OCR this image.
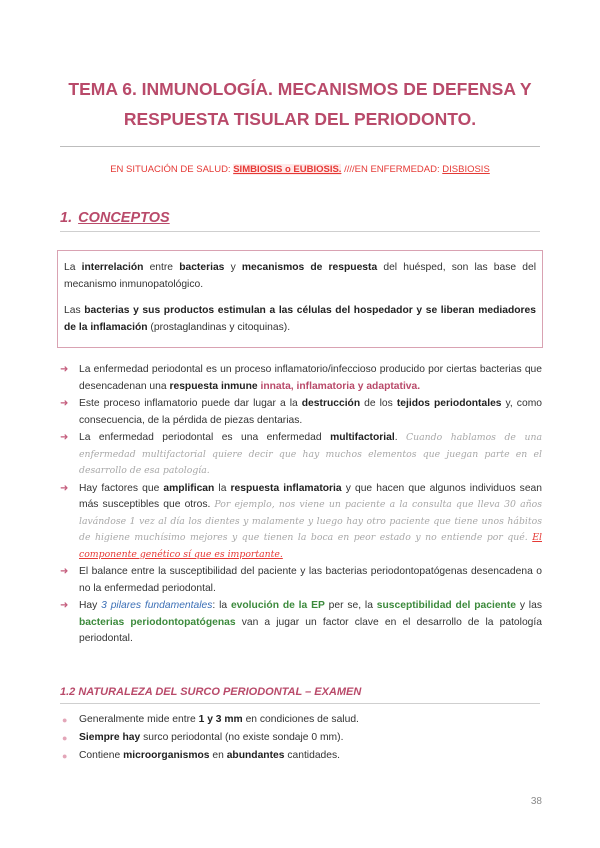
TEMA 6. INMUNOLOGÍA. MECANISMOS DE DEFENSA Y
RESPUESTA TISULAR DEL PERIODONTO.
EN SITUACIÓN DE SALUD: SIMBIOSIS o EUBIOSIS. ////EN ENFERMEDAD: DISBIOSIS
1. CONCEPTOS

La interrelación entre bacterias y mecanismos de respuesta del huésped, son las base del mecanismo inmunopatológico.

Las bacterias y sus productos estimulan a las células del hospedador y se liberan mediadores de la inflamación (prostaglandinas y citoquinas).

➜ La enfermedad periodontal es un proceso inflamatorio/infeccioso producido por ciertas bacterias que desencadenan una respuesta inmune innata, inflamatoria y adaptativa.
➜ Este proceso inflamatorio puede dar lugar a la destrucción de los tejidos periodontales y, como consecuencia, de la pérdida de piezas dentarias.
➜ La enfermedad periodontal es una enfermedad multifactorial. Cuando hablamos de una enfermedad multifactorial quiere decir que hay muchos elementos que juegan parte en el desarrollo de esa patología.
➜ Hay factores que amplifican la respuesta inflamatoria y que hacen que algunos individuos sean más susceptibles que otros. Por ejemplo, nos viene un paciente a la consulta que lleva 30 años lavándose 1 vez al día los dientes y malamente y luego hay otro paciente que tiene unos hábitos de higiene muchísimo mejores y que tienen la boca en peor estado y no entiende por qué. El componente genético sí que es importante.
➜ El balance entre la susceptibilidad del paciente y las bacterias periodontopatógenas desencadena o no la enfermedad periodontal.
➜ Hay 3 pilares fundamentales: la evolución de la EP per se, la susceptibilidad del paciente y las bacterias periodontopatógenas van a jugar un factor clave en el desarrollo de la patología periodontal.
1.2 NATURALEZA DEL SURCO PERIODONTAL – EXAMEN
● Generalmente mide entre 1 y 3 mm en condiciones de salud.
● Siempre hay surco periodontal (no existe sondaje 0 mm).
● Contiene microorganismos en abundantes cantidades.
38
